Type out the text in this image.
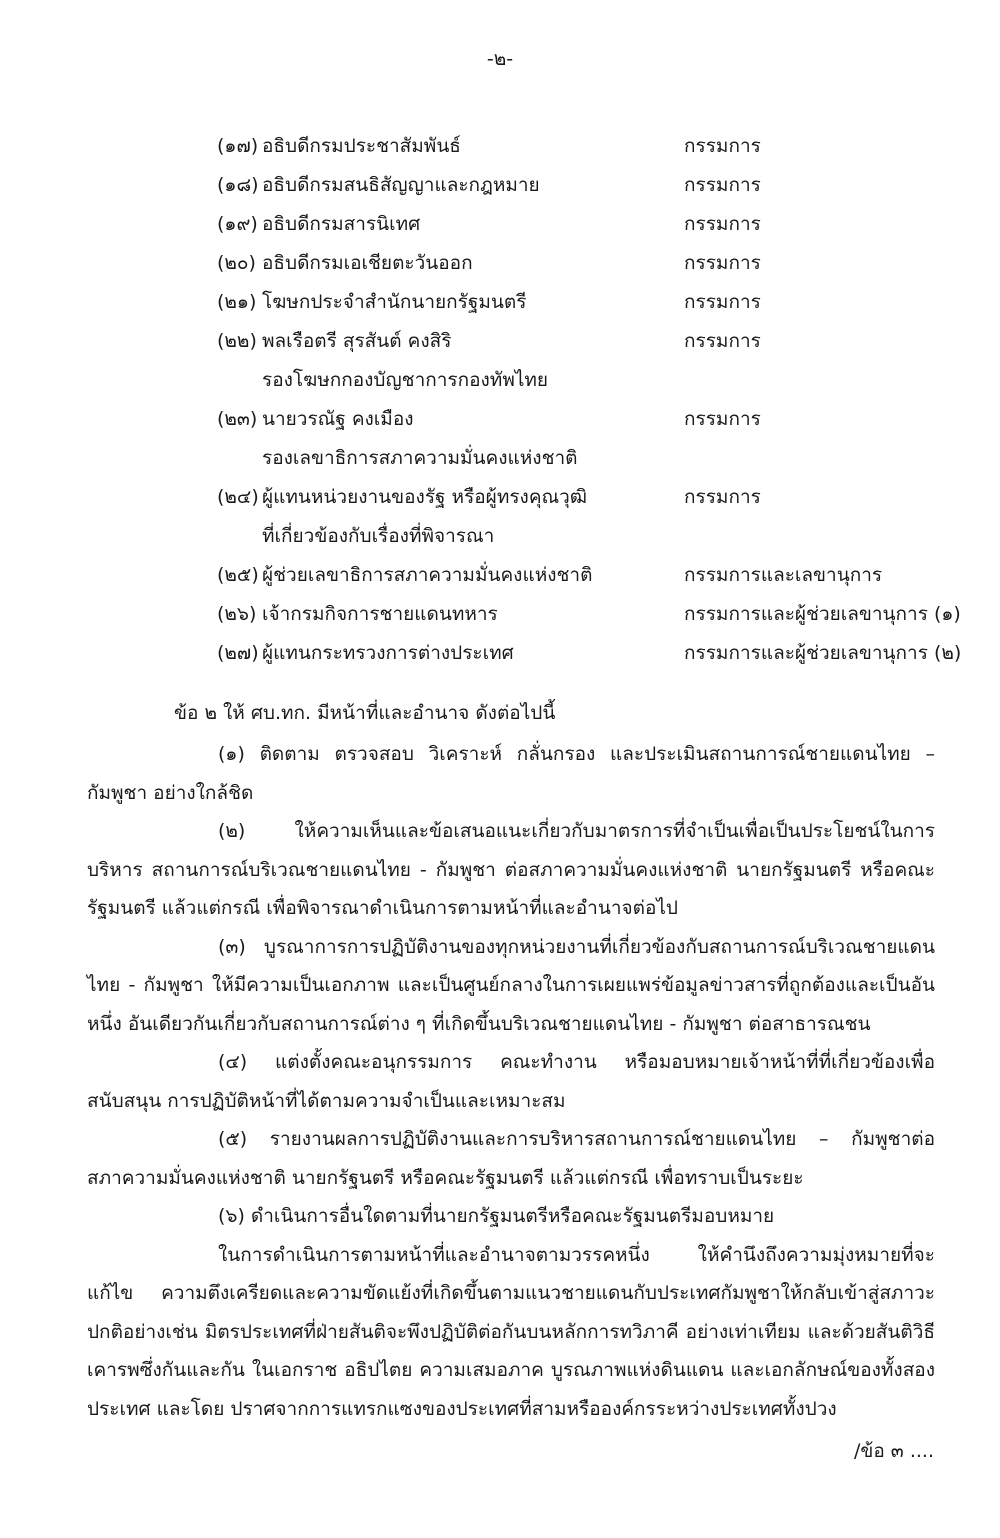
-๒-
(๑๗) อธิบดีกรมประชาสัมพันธ์	กรรมการ
(๑๘) อธิบดีกรมสนธิสัญญาและกฎหมาย	กรรมการ
(๑๙) อธิบดีกรมสารนิเทศ	กรรมการ
(๒๐) อธิบดีกรมเอเชียตะวันออก	กรรมการ
(๒๑) โฆษกประจำสำนักนายกรัฐมนตรี	กรรมการ
(๒๒) พลเรือตรี สุรสันต์ คงสิริ	กรรมการ
รองโฆษกกองบัญชาการกองทัพไทย
(๒๓) นายวรณัฐ คงเมือง	กรรมการ
รองเลขาธิการสภาความมั่นคงแห่งชาติ
(๒๔) ผู้แทนหน่วยงานของรัฐ หรือผู้ทรงคุณวุฒิ	กรรมการ
ที่เกี่ยวข้องกับเรื่องที่พิจารณา
(๒๕) ผู้ช่วยเลขาธิการสภาความมั่นคงแห่งชาติ	กรรมการและเลขานุการ
(๒๖) เจ้ากรมกิจการชายแดนทหาร	กรรมการและผู้ช่วยเลขานุการ (๑)
(๒๗) ผู้แทนกระทรวงการต่างประเทศ	กรรมการและผู้ช่วยเลขานุการ (๒)
ข้อ ๒ ให้ ศบ.ทก. มีหน้าที่และอำนาจ ดังต่อไปนี้

(๑) ติดตาม ตรวจสอบ วิเคราะห์ กลั่นกรอง และประเมินสถานการณ์ชายแดนไทย – กัมพูชา อย่างใกล้ชิด

(๒) ให้ความเห็นและข้อเสนอแนะเกี่ยวกับมาตรการที่จำเป็นเพื่อเป็นประโยชน์ในการบริหาร สถานการณ์บริเวณชายแดนไทย - กัมพูชา ต่อสภาความมั่นคงแห่งชาติ นายกรัฐมนตรี หรือคณะรัฐมนตรี แล้วแต่กรณี เพื่อพิจารณาดำเนินการตามหน้าที่และอำนาจต่อไป

(๓) บูรณาการการปฏิบัติงานของทุกหน่วยงานที่เกี่ยวข้องกับสถานการณ์บริเวณชายแดน ไทย - กัมพูชา ให้มีความเป็นเอกภาพ และเป็นศูนย์กลางในการเผยแพร่ข้อมูลข่าวสารที่ถูกต้องและเป็นอันหนึ่ง อันเดียวกันเกี่ยวกับสถานการณ์ต่าง ๆ ที่เกิดขึ้นบริเวณชายแดนไทย - กัมพูชา ต่อสาธารณชน

(๔) แต่งตั้งคณะอนุกรรมการ คณะทำงาน หรือมอบหมายเจ้าหน้าที่ที่เกี่ยวข้องเพื่อสนับสนุน การปฏิบัติหน้าที่ได้ตามความจำเป็นและเหมาะสม

(๕) รายงานผลการปฏิบัติงานและการบริหารสถานการณ์ชายแดนไทย – กัมพูชาต่อ สภาความมั่นคงแห่งชาติ นายกรัฐนตรี หรือคณะรัฐมนตรี แล้วแต่กรณี เพื่อทราบเป็นระยะ

(๖) ดำเนินการอื่นใดตามที่นายกรัฐมนตรีหรือคณะรัฐมนตรีมอบหมาย

ในการดำเนินการตามหน้าที่และอำนาจตามวรรคหนึ่ง ให้คำนึงถึงความมุ่งหมายที่จะแก้ไข ความตึงเครียดและความขัดแย้งที่เกิดขึ้นตามแนวชายแดนกับประเทศกัมพูชาให้กลับเข้าสู่สภาวะปกติอย่างเช่น มิตรประเทศที่ฝ่ายสันติจะพึงปฏิบัติต่อกันบนหลักการทวิภาคี อย่างเท่าเทียม และด้วยสันติวิธี เคารพซึ่งกันและกัน ในเอกราช อธิปไตย ความเสมอภาค บูรณภาพแห่งดินแดน และเอกลักษณ์ของทั้งสองประเทศ และโดย ปราศจากการแทรกแซงของประเทศที่สามหรือองค์กรระหว่างประเทศทั้งปวง

/ข้อ ๓ ....
